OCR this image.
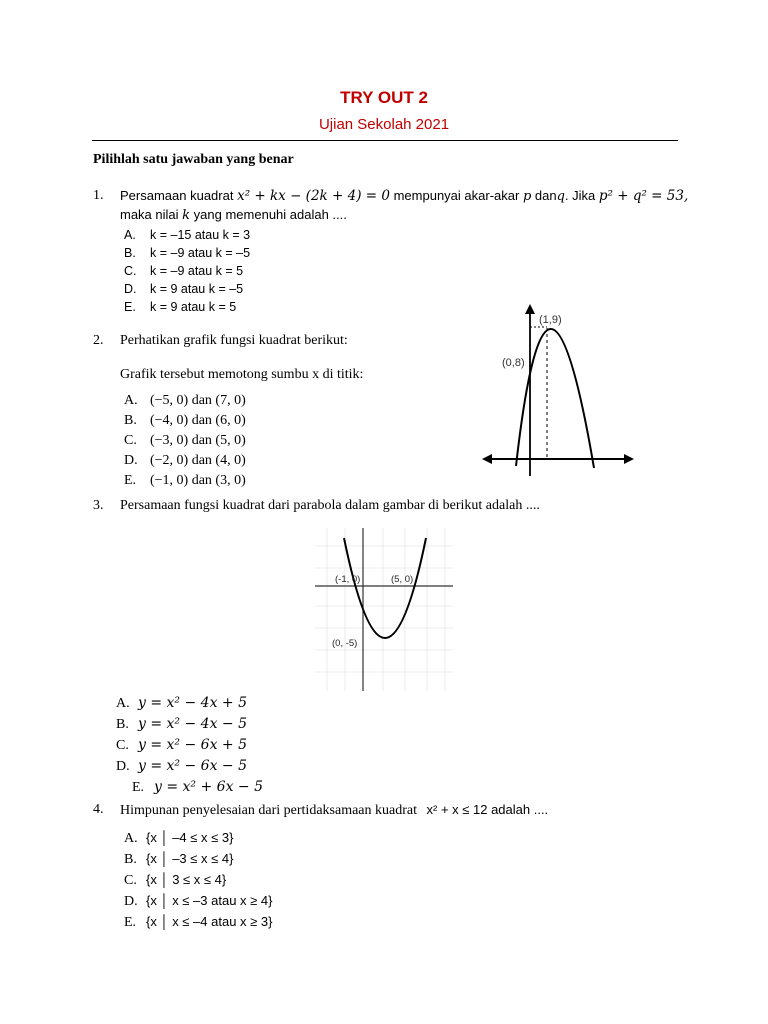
TRY OUT 2
Ujian Sekolah 2021
Pilihlah satu jawaban yang benar
1. Persamaan kuadrat x² + kx − (2k + 4) = 0 mempunyai akar-akar p danq. Jika p² + q² = 53,
maka nilai k yang memenuhi adalah ....
A. k = –15 atau k = 3
B. k = –9 atau k = –5
C. k = –9 atau k = 5
D. k = 9 atau k = –5
E. k = 9 atau k = 5
2. Perhatikan grafik fungsi kuadrat berikut:
Grafik tersebut memotong sumbu x di titik:
A. (−5, 0) dan (7, 0)
B. (−4, 0) dan (6, 0)
C. (−3, 0) dan (5, 0)
D. (−2, 0) dan (4, 0)
E. (−1, 0) dan (3, 0)
(1,9)
(0,8)
3. Persamaan fungsi kuadrat dari parabola dalam gambar di berikut adalah ....
(-1, 0)	(5, 0)
(0, -5)
A. y = x² − 4x + 5
B. y = x² − 4x − 5
C. y = x² − 6x + 5
D. y = x² − 6x − 5
E. y = x² + 6x − 5
4. Himpunan penyelesaian dari pertidaksamaan kuadrat x² + x ≤ 12 adalah ....
A. {x │ –4 ≤ x ≤ 3}
B. {x │ –3 ≤ x ≤ 4}
C. {x │ 3 ≤ x ≤ 4}
D. {x │ x ≤ –3 atau x ≥ 4}
E. {x │ x ≤ –4 atau x ≥ 3}
